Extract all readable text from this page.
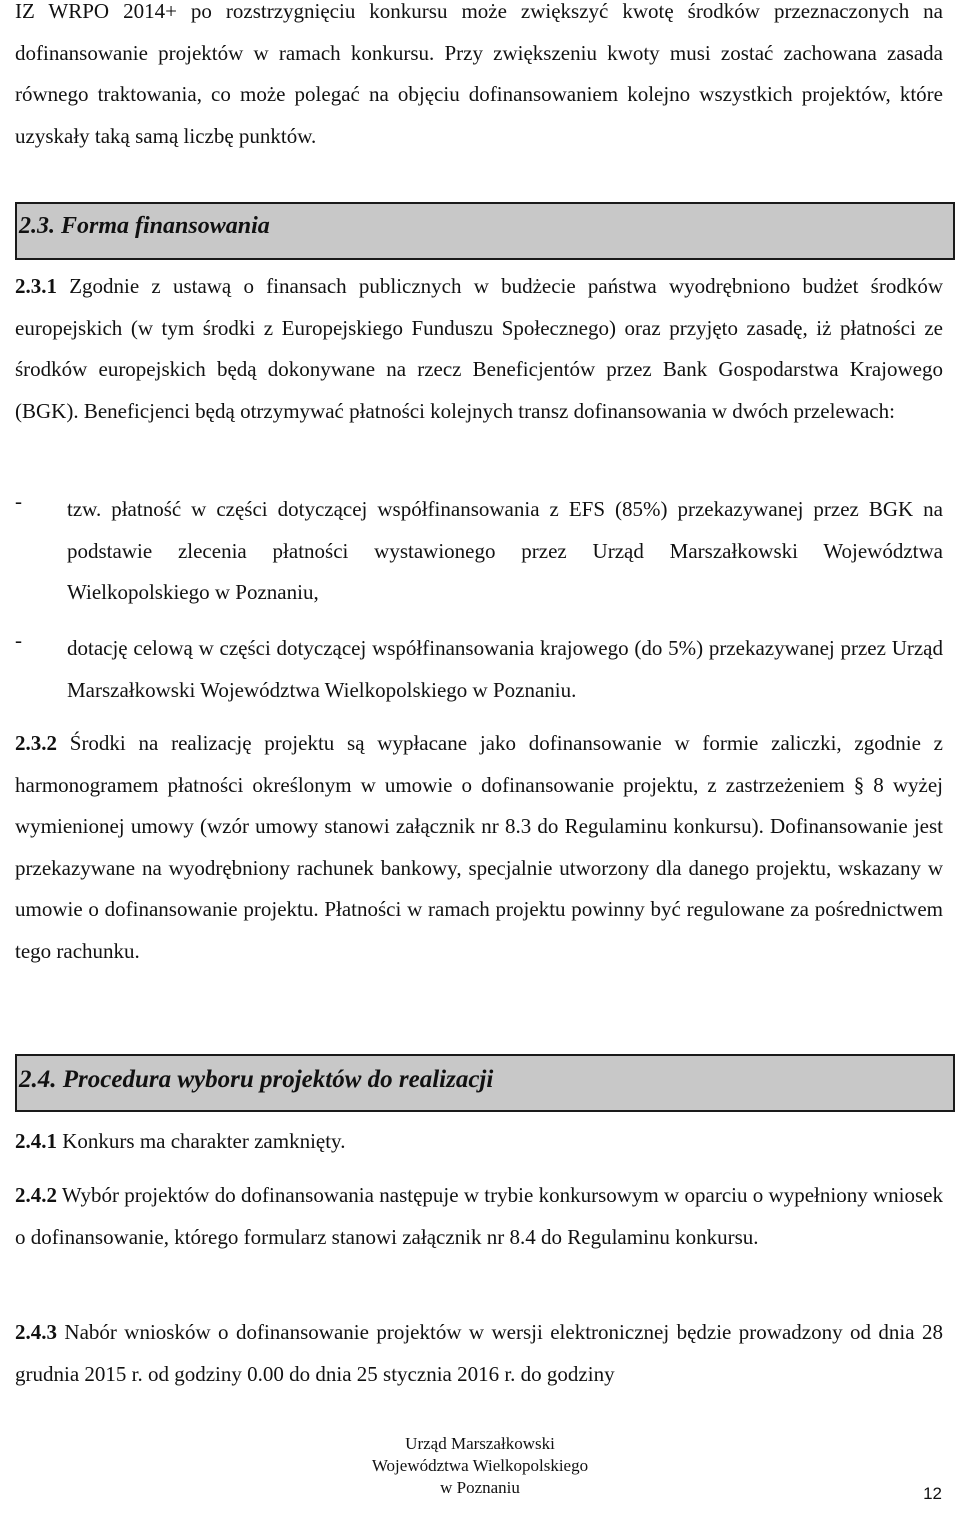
IZ WRPO 2014+ po rozstrzygnięciu konkursu może zwiększyć kwotę środków przeznaczonych na dofinansowanie projektów w ramach konkursu. Przy zwiększeniu kwoty musi zostać zachowana zasada równego traktowania, co może polegać na objęciu dofinansowaniem kolejno wszystkich projektów, które uzyskały taką samą liczbę punktów.

2.3. Forma finansowania

2.3.1 Zgodnie z ustawą o finansach publicznych w budżecie państwa wyodrębniono budżet środków europejskich (w tym środki z Europejskiego Funduszu Społecznego) oraz przyjęto zasadę, iż płatności ze środków europejskich będą dokonywane na rzecz Beneficjentów przez Bank Gospodarstwa Krajowego (BGK). Beneficjenci będą otrzymywać płatności kolejnych transz dofinansowania w dwóch przelewach:

-	tzw. płatność w części dotyczącej współfinansowania z EFS (85%) przekazywanej przez BGK na podstawie zlecenia płatności wystawionego przez Urząd Marszałkowski Województwa Wielkopolskiego w Poznaniu,
-	dotację celową w części dotyczącej współfinansowania krajowego (do 5%) przekazywanej przez Urząd Marszałkowski Województwa Wielkopolskiego w Poznaniu.

2.3.2 Środki na realizację projektu są wypłacane jako dofinansowanie w formie zaliczki, zgodnie z harmonogramem płatności określonym w umowie o dofinansowanie projektu, z zastrzeżeniem § 8 wyżej wymienionej umowy (wzór umowy stanowi załącznik nr 8.3 do Regulaminu konkursu). Dofinansowanie jest przekazywane na wyodrębniony rachunek bankowy, specjalnie utworzony dla danego projektu, wskazany w umowie o dofinansowanie projektu. Płatności w ramach projektu powinny być regulowane za pośrednictwem tego rachunku.

2.4. Procedura wyboru projektów do realizacji

2.4.1 Konkurs ma charakter zamknięty.

2.4.2 Wybór projektów do dofinansowania następuje w trybie konkursowym w oparciu o wypełniony wniosek o dofinansowanie, którego formularz stanowi załącznik nr 8.4 do Regulaminu konkursu.

2.4.3 Nabór wniosków o dofinansowanie projektów w wersji elektronicznej będzie prowadzony od dnia 28 grudnia 2015 r. od godziny 0.00 do dnia 25 stycznia 2016 r. do godziny

Urząd Marszałkowski
Województwa Wielkopolskiego
w Poznaniu	12
